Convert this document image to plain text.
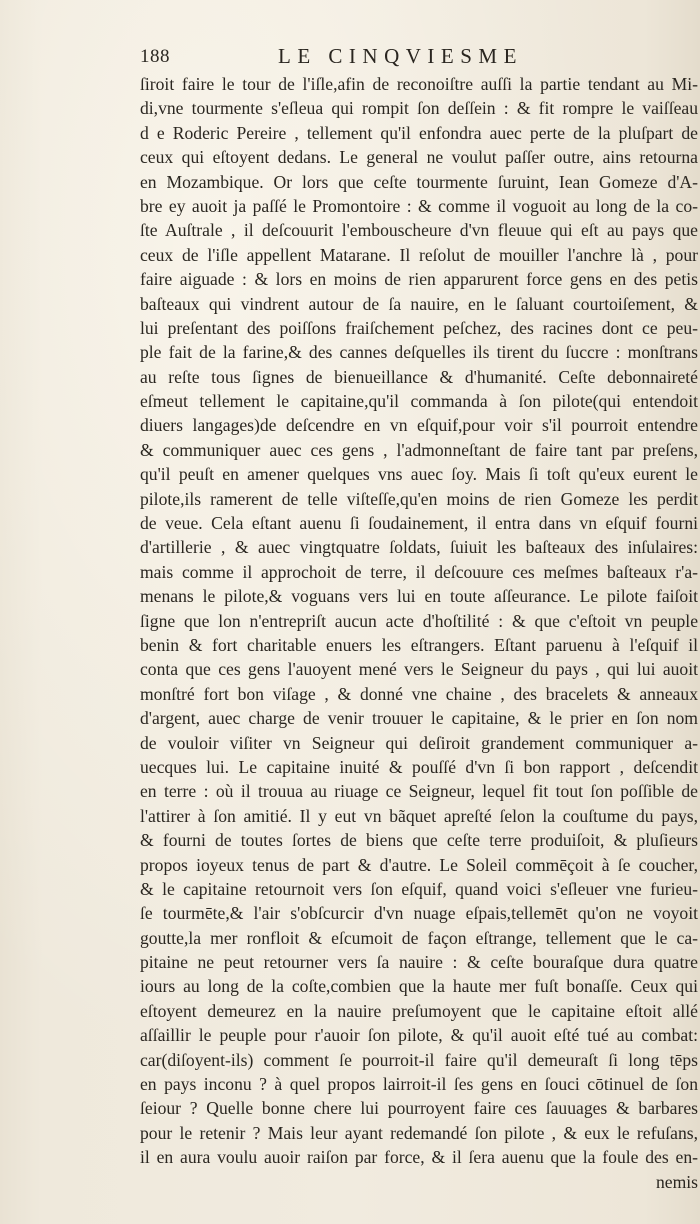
188	LE CINQVIESME
ſiroit faire le tour de l'iſle,afin de reconoiſtre auſſi la partie tendant au Mi-
di,vne tourmente s'eſleua qui rompit ſon deſſein : & fit rompre le vaiſſeau
d e Roderic Pereire , tellement qu'il enfondra auec perte de la pluſpart de
ceux qui eſtoyent dedans. Le general ne voulut paſſer outre, ains retourna
en Mozambique. Or lors que ceſte tourmente ſuruint, Iean Gomeze d'A-
bre ey auoit ja paſſé le Promontoire : & comme il voguoit au long de la co-
ſte Auſtrale , il deſcouurit l'embouscheure d'vn fleuue qui eſt au pays que
ceux de l'iſle appellent Matarane. Il reſolut de mouiller l'anchre là , pour
faire aiguade : & lors en moins de rien apparurent force gens en des petis
baſteaux qui vindrent autour de ſa nauire, en le ſaluant courtoiſement, &
lui preſentant des poiſſons fraiſchement peſchez, des racines dont ce peu-
ple fait de la farine,& des cannes deſquelles ils tirent du ſuccre : monſtrans
au reſte tous ſignes de bienueillance & d'humanité. Ceſte debonnaireté
eſmeut tellement le capitaine,qu'il commanda à ſon pilote(qui entendoit
diuers langages)de deſcendre en vn eſquif,pour voir s'il pourroit entendre
& communiquer auec ces gens , l'admonneſtant de faire tant par preſens,
qu'il peuſt en amener quelques vns auec ſoy. Mais ſi toſt qu'eux eurent le
pilote,ils ramerent de telle viſteſſe,qu'en moins de rien Gomeze les perdit
de veue. Cela eſtant auenu ſi ſoudainement, il entra dans vn eſquif fourni
d'artillerie , & auec vingtquatre ſoldats, ſuiuit les baſteaux des inſulaires:
mais comme il approchoit de terre, il deſcouure ces meſmes baſteaux r'a-
menans le pilote,& voguans vers lui en toute aſſeurance. Le pilote faiſoit
ſigne que lon n'entrepriſt aucun acte d'hoſtilité : & que c'eſtoit vn peuple
benin & fort charitable enuers les eſtrangers. Eſtant paruenu à l'eſquif il
conta que ces gens l'auoyent mené vers le Seigneur du pays , qui lui auoit
monſtré fort bon viſage , & donné vne chaine , des bracelets & anneaux
d'argent, auec charge de venir trouuer le capitaine, & le prier en ſon nom
de vouloir viſiter vn Seigneur qui deſiroit grandement communiquer a-
uecques lui. Le capitaine inuité & pouſſé d'vn ſi bon rapport , deſcendit
en terre : où il trouua au riuage ce Seigneur, lequel fit tout ſon poſſible de
l'attirer à ſon amitié. Il y eut vn bãquet apreſté ſelon la couſtume du pays,
& fourni de toutes ſortes de biens que ceſte terre produiſoit, & pluſieurs
propos ioyeux tenus de part & d'autre. Le Soleil commēçoit à ſe coucher,
& le capitaine retournoit vers ſon eſquif, quand voici s'eſleuer vne furieu-
ſe tourmēte,& l'air s'obſcurcir d'vn nuage eſpais,tellemēt qu'on ne voyoit
goutte,la mer ronfloit & eſcumoit de façon eſtrange, tellement que le ca-
pitaine ne peut retourner vers ſa nauire : & ceſte bouraſque dura quatre
iours au long de la coſte,combien que la haute mer fuſt bonaſſe. Ceux qui
eſtoyent demeurez en la nauire preſumoyent que le capitaine eſtoit allé
aſſaillir le peuple pour r'auoir ſon pilote, & qu'il auoit eſté tué au combat:
car(diſoyent-ils) comment ſe pourroit-il faire qu'il demeuraſt ſi long tēps
en pays inconu ? à quel propos lairroit-il ſes gens en ſouci cōtinuel de ſon
ſeiour ? Quelle bonne chere lui pourroyent faire ces ſauuages & barbares
pour le retenir ? Mais leur ayant redemandé ſon pilote , & eux le refuſans,
il en aura voulu auoir raiſon par force, & il ſera auenu que la foule des en-
nemis
